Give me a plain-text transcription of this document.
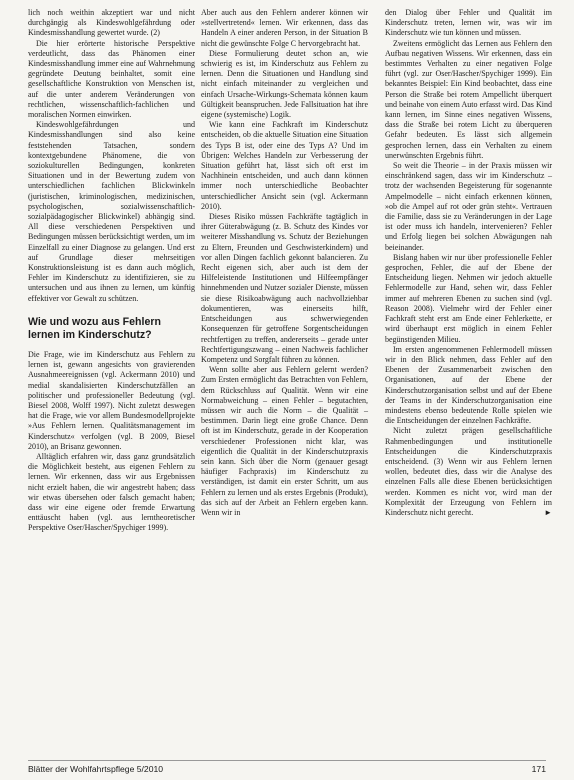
lich noch weithin akzeptiert war und nicht durchgängig als Kindeswohlgefährdung oder Kindesmisshandlung gewertet wurde. (2)

Die hier erörterte historische Perspektive verdeutlicht, dass das Phänomen einer Kindesmisshandlung immer eine auf Wahrnehmung gegründete Deutung beinhaltet, somit eine gesellschaftliche Konstruktion von Menschen ist, auf die unter anderem Veränderungen von rechtlichen, wissenschaftlich-fachlichen und moralischen Normen einwirken.

Kindeswohlgefährdungen und Kindesmisshandlungen sind also keine feststehenden Tatsachen, sondern kontextgebundene Phänomene, die von soziokulturellen Bedingungen, konkreten Situationen und in der Bewertung zudem von unterschiedlichen fachlichen Blickwinkeln (juristischen, kriminologischen, medizinischen, psychologischen, sozialwissenschaftlich-sozialpädagogischer Blickwinkel) abhängig sind. All diese verschiedenen Perspektiven und Bedingungen müssen berücksichtigt werden, um im Einzelfall zu einer Diagnose zu gelangen. Und erst auf Grundlage dieser mehrseitigen Konstruktionsleistung ist es dann auch möglich, Fehler im Kinderschutz zu identifizieren, sie zu untersuchen und aus ihnen zu lernen, um künftig effektiver vor Gewalt zu schützen.

Wie und wozu aus Fehlern lernen im Kinderschutz?

Die Frage, wie im Kinderschutz aus Fehlern zu lernen ist, gewann angesichts von gravierenden Ausnahmeereignissen (vgl. Ackermann 2010) und medial skandalisierten Kinderschutzfällen an politischer und professioneller Bedeutung (vgl. Biesel 2008, Wolff 1997). Nicht zuletzt deswegen hat die Frage, wie vor allem Bundesmodellprojekte »Aus Fehlern lernen. Qualitätsmanagement im Kinderschutz« verfolgen (vgl. B 2009, Biesel 2010), an Brisanz gewonnen.

Alltäglich erfahren wir, dass ganz grundsätzlich die Möglichkeit besteht, aus eigenen Fehlern zu lernen. Wir erkennen, dass wir aus Ergebnissen nicht erzielt haben, die wir angestrebt haben; dass wir etwas übersehen oder falsch gemacht haben; dass wir eine eigene oder fremde Erwartung enttäuscht haben (vgl. aus lerntheoretischer Perspektive Oser/Hascher/Spychiger 1999).

Aber auch aus den Fehlern anderer können wir »stellvertretend« lernen. Wir erkennen, dass das Handeln A einer anderen Person, in der Situation B nicht die gewünschte Folge C hervorgebracht hat.

Diese Formulierung deutet schon an, wie schwierig es ist, im Kinderschutz aus Fehlern zu lernen. Denn die Situationen und Handlung sind nicht einfach miteinander zu vergleichen und einfach Ursache-Wirkungs-Schemata können kaum Gültigkeit beanspruchen. Jede Fallsituation hat ihre eigene (systemische) Logik.

Wie kann eine Fachkraft im Kinderschutz entscheiden, ob die aktuelle Situation eine Situation des Typs B ist, oder eine des Typs A? Und im Übrigen: Welches Handeln zur Verbesserung der Situation geführt hat, lässt sich oft erst im Nachhinein entscheiden, und auch dann können immer noch unterschiedliche Beobachter unterschiedlicher Ansicht sein (vgl. Ackermann 2010).

Dieses Risiko müssen Fachkräfte tagtäglich in ihrer Güterabwägung (z. B. Schutz des Kindes vor weiterer Misshandlung vs. Schutz der Beziehungen zu Eltern, Freunden und Geschwisterkindern) und vor allen Dingen fachlich gekonnt balancieren. Zu Recht eigenen sich, aber auch ist dem der Hilfeleistende Institutionen und Hilfeempfänger hinnehmenden und Nutzer sozialer Dienste, müssen sie diese Risikoabwägung auch nachvollziehbar dokumentieren, was einerseits hilft, Entscheidungen aus schwerwiegenden Konsequenzen für getroffene Sorgentscheidungen rechtfertigen zu treffen, andererseits – gerade unter Rechtfertigungszwang – einen Nachweis fachlicher Kompetenz und Sorgfalt führen zu können.

Wenn sollte aber aus Fehlern gelernt werden? Zum Ersten ermöglicht das Betrachten von Fehlern, dem Rückschluss auf Qualität. Wenn wir eine Normabweichung – einen Fehler – begutachten, müssen wir auch die Norm – die Qualität – bestimmen. Darin liegt eine große Chance. Denn oft ist im Kinderschutz, gerade in der Kooperation verschiedener Professionen nicht klar, was eigentlich die Qualität in der Kinderschutzpraxis sein kann. Sich über die Norm (genauer gesagt häufiger Fachpraxis) im Kinderschutz zu verständigen, ist damit ein erster Schritt, um aus Fehlern zu lernen und als erstes Ergebnis (Produkt), das sich auf der Arbeit an Fehlern ergeben kann. Wenn wir in

den Dialog über Fehler und Qualität im Kinderschutz treten, lernen wir, was wir im Kinderschutz wie tun können und müssen.

Zweitens ermöglicht das Lernen aus Fehlern den Aufbau negativen Wissens. Wir erkennen, dass ein bestimmtes Verhalten zu einer negativen Folge führt (vgl. zur Oser/Hascher/Spychiger 1999). Ein bekanntes Beispiel: Ein Kind beobachtet, dass eine Person die Straße bei rotem Ampellicht überquert und beinahe von einem Auto erfasst wird. Das Kind kann lernen, im Sinne eines negativen Wissens, dass die Straße bei rotem Licht zu überqueren Gefahr bedeuten. Es lässt sich allgemein gesprochen lernen, dass ein Verhalten zu einem unerwünschten Ergebnis führt.

So weit die Theorie – in der Praxis müssen wir einschränkend sagen, dass wir im Kinderschutz – trotz der wachsenden Begeisterung für sogenannte Ampelmodelle – nicht einfach erkennen können, »ob die Ampel auf rot oder grün steht«. Vertrauen die Familie, dass sie zu Veränderungen in der Lage ist oder muss ich handeln, intervenieren? Fehler und Erfolg liegen bei solchen Abwägungen nah beieinander.

Bislang haben wir nur über professionelle Fehler gesprochen, Fehler, die auf der Ebene der Entscheidung liegen. Nehmen wir jedoch aktuelle Fehlermodelle zur Hand, sehen wir, dass Fehler immer auf mehreren Ebenen zu suchen sind (vgl. Reason 2008). Vielmehr wird der Fehler einer Fachkraft steht erst am Ende einer Fehlerkette, er wird überhaupt erst möglich in einem Fehler begünstigenden Milieu.

Im ersten angenommenen Fehlermodell müssen wir in den Blick nehmen, dass Fehler auf den Ebenen der Zusammenarbeit zwischen den Organisationen, auf der Ebene der Kinderschutzorganisation selbst und auf der Ebene der Teams in der Kinderschutzorganisation eine mindestens ebenso bedeutende Rolle spielen wie die Entscheidungen der einzelnen Fachkräfte.

Nicht zuletzt prägen gesellschaftliche Rahmenbedingungen und institutionelle Entscheidungen die Kinderschutzpraxis entscheidend. (3) Wenn wir aus Fehlern lernen wollen, bedeutet dies, dass wir die Analyse des einzelnen Falls alle diese Ebenen berücksichtigen werden. Kommen es nicht vor, wird man der Komplexität der Erzeugung von Fehlern im Kinderschutz nicht gerecht.	►

Blätter der Wohlfahrtspflege 5/2010	171
